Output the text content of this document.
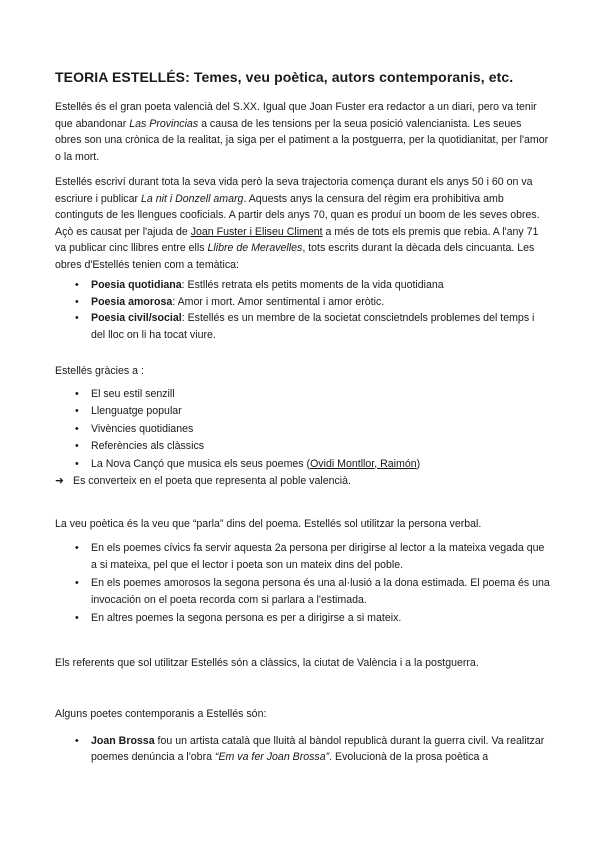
TEORIA ESTELLÉS: Temes, veu poètica, autors contemporanis, etc.

Estellés és el gran poeta valencià del S.XX. Igual que Joan Fuster era redactor a un diari, pero va tenir que abandonar Las Provincias a causa de les tensions per la seua posició valencianista. Les seues obres son una crònica de la realitat, ja siga per el patiment a la postguerra, per la quotidianitat, per l'amor o la mort.

Estellés escriví durant tota la seva vida però la seva trajectoria comença durant els anys 50 i 60 on va escriure i publicar La nit i Donzell amarg. Aquests anys la censura del règim era prohibitiva amb continguts de les llengues cooficials. A partir dels anys 70, quan es produí un boom de les seves obres. Açò es causat per l'ajuda de Joan Fuster i Eliseu Climent a més de tots els premis que rebia. A l'any 71 va publicar cinc llibres entre ells Llibre de Meravelles, tots escrits durant la dècada dels cincuanta. Les obres d'Estellés tenien com a temàtica:

• Poesia quotidiana: Estllés retrata els petits moments de la vida quotidiana
• Poesia amorosa: Amor i mort. Amor sentimental i amor eròtic.
• Poesia civil/social: Estellés es un membre de la societat conscietndels problemes del temps i del lloc on li ha tocat viure.

Estellés gràcies a :

• El seu estil senzill
• Llenguatge popular
• Vivències quotidianes
• Referències als clàssics
• La Nova Cançó que musica els seus poemes (Ovidi Montllor, Raimón)
➜ Es converteix en el poeta que representa al poble valencià.

La veu poètica és la veu que “parla” dins del poema. Estellés sol utilitzar la persona verbal.

• En els poemes cívics fa servir aquesta 2a persona per dirigirse al lector a la mateixa vegada que a si mateixa, pel que el lector i poeta son un mateix dins del poble.
• En els poemes amorosos la segona persona és una al·lusió a la dona estimada. El poema és una invocación on el poeta recorda com si parlara a l'estimada.
• En altres poemes la segona persona es per a dirigirse a si mateix.

Els referents que sol utilitzar Estellés són a clàssics, la ciutat de València i a la postguerra.

Alguns poetes contemporanis a Estellés són:

• Joan Brossa fou un artista català que lluità al bàndol republicà durant la guerra civil. Va realitzar poemes denúncia a l'obra “Em va fer Joan Brossa”. Evolucionà de la prosa poètica a
